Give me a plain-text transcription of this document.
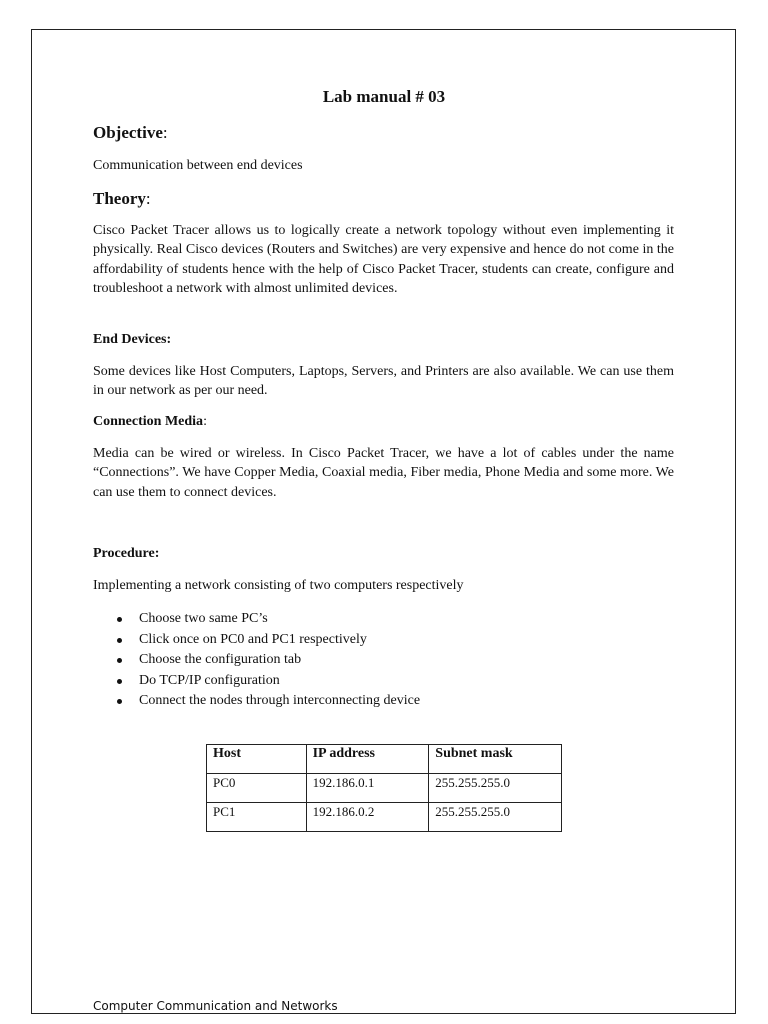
Lab manual # 03
Objective:

Communication between end devices

Theory:

Cisco Packet Tracer allows us to logically create a network topology without even implementing it physically. Real Cisco devices (Routers and Switches) are very expensive and hence do not come in the affordability of students hence with the help of Cisco Packet Tracer, students can create, configure and troubleshoot a network with almost unlimited devices.

End Devices:

Some devices like Host Computers, Laptops, Servers, and Printers are also available. We can use them in our network as per our need.

Connection Media:

Media can be wired or wireless. In Cisco Packet Tracer, we have a lot of cables under the name “Connections”. We have Copper Media, Coaxial media, Fiber media, Phone Media and some more. We can use them to connect devices.

Procedure:

Implementing a network consisting of two computers respectively

Choose two same PC’s
Click once on PC0 and PC1 respectively
Choose the configuration tab
Do TCP/IP configuration
Connect the nodes through interconnecting device
Host	IP address	Subnet mask
PC0	192.186.0.1	255.255.255.0
PC1	192.186.0.2	255.255.255.0
Computer Communication and Networks
